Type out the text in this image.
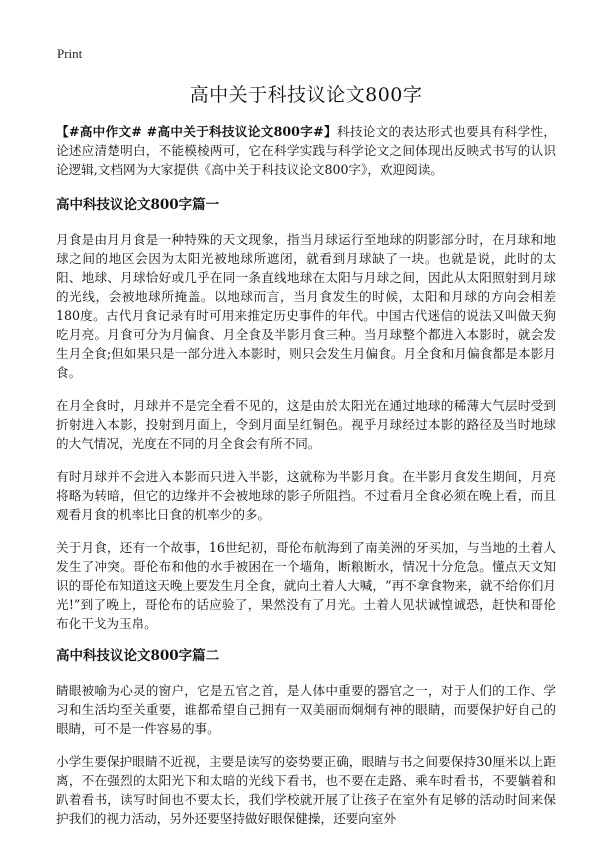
Print
高中关于科技议论文800字

【#高中作文# #高中关于科技议论文800字#】科技论文的表达形式也要具有科学性，论述应清楚明白，不能模棱两可，它在科学实践与科学论文之间体现出反映式书写的认识论逻辑,文档网为大家提供《高中关于科技议论文800字》，欢迎阅读。

高中科技议论文800字篇一

月食是由月月食是一种特殊的天文现象，指当月球运行至地球的阴影部分时，在月球和地球之间的地区会因为太阳光被地球所遮闭，就看到月球缺了一块。也就是说，此时的太阳、地球、月球恰好或几乎在同一条直线地球在太阳与月球之间，因此从太阳照射到月球的光线，会被地球所掩盖。以地球而言，当月食发生的时候，太阳和月球的方向会相差180度。古代月食记录有时可用来推定历史事件的年代。中国古代迷信的说法又叫做天狗吃月亮。月食可分为月偏食、月全食及半影月食三种。当月球整个都进入本影时，就会发生月全食;但如果只是一部分进入本影时，则只会发生月偏食。月全食和月偏食都是本影月食。

在月全食时，月球并不是完全看不见的，这是由於太阳光在通过地球的稀薄大气层时受到折射进入本影，投射到月面上，令到月面呈红铜色。视乎月球经过本影的路径及当时地球的大气情况，光度在不同的月全食会有所不同。

有时月球并不会进入本影而只进入半影，这就称为半影月食。在半影月食发生期间，月亮将略为转暗，但它的边缘并不会被地球的影子所阻挡。不过看月全食必须在晚上看，而且观看月食的机率比日食的机率少的多。

关于月食，还有一个故事，16世纪初，哥伦布航海到了南美洲的牙买加，与当地的土着人发生了冲突。哥伦布和他的水手被困在一个墙角，断粮断水，情况十分危急。懂点天文知识的哥伦布知道这天晚上要发生月全食，就向土着人大喊，“再不拿食物来，就不给你们月光!”到了晚上，哥伦布的话应验了，果然没有了月光。土着人见状诚惶诚恐，赶快和哥伦布化干戈为玉帛。

高中科技议论文800字篇二

睛眼被喻为心灵的窗户，它是五官之首，是人体中重要的器官之一，对于人们的工作、学习和生活均至关重要，谁都希望自己拥有一双美丽而炯炯有神的眼睛，而要保护好自己的眼睛，可不是一件容易的事。

小学生要保护眼睛不近视，主要是读写的姿势要正确，眼睛与书之间要保持30厘米以上距离，不在强烈的太阳光下和太暗的光线下看书，也不要在走路、乘车时看书，不要躺着和趴着看书，读写时间也不要太长，我们学校就开展了让孩子在室外有足够的活动时间来保护我们的视力活动，另外还要坚持做好眼保健操，还要向室外
